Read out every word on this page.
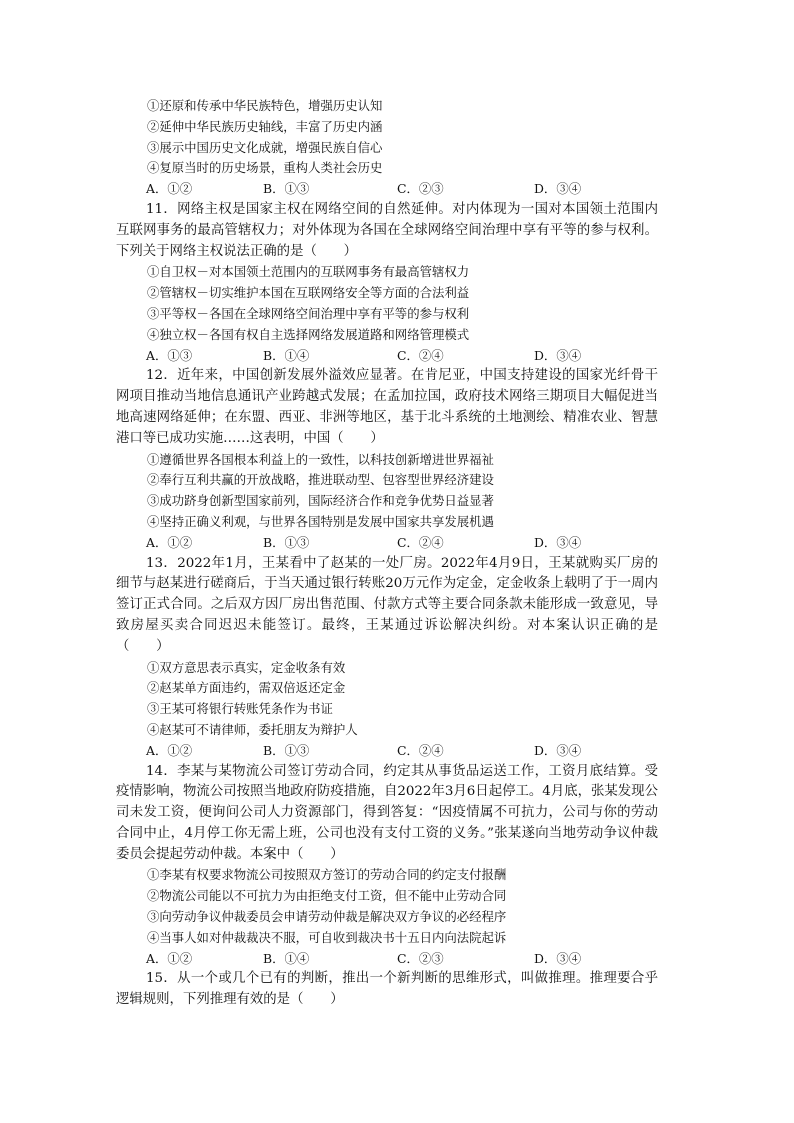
①还原和传承中华民族特色，增强历史认知
②延伸中华民族历史轴线，丰富了历史内涵
③展示中国历史文化成就，增强民族自信心
④复原当时的历史场景，重构人类社会历史
A．①②	B．①③	C．②③	D．③④
11．网络主权是国家主权在网络空间的自然延伸。对内体现为一国对本国领土范围内互联网事务的最高管辖权力；对外体现为各国在全球网络空间治理中享有平等的参与权利。下列关于网络主权说法正确的是（　　）
①自卫权－对本国领土范围内的互联网事务有最高管辖权力
②管辖权－切实维护本国在互联网络安全等方面的合法利益
③平等权－各国在全球网络空间治理中享有平等的参与权利
④独立权－各国有权自主选择网络发展道路和网络管理模式
A．①③	B．①④	C．②④	D．③④
12．近年来，中国创新发展外溢效应显著。在肯尼亚，中国支持建设的国家光纤骨干网项目推动当地信息通讯产业跨越式发展；在孟加拉国，政府技术网络三期项目大幅促进当地高速网络延伸；在东盟、西亚、非洲等地区，基于北斗系统的土地测绘、精准农业、智慧港口等已成功实施……这表明，中国（　　）
①遵循世界各国根本利益上的一致性，以科技创新增进世界福祉
②奉行互利共赢的开放战略，推进联动型、包容型世界经济建设
③成功跻身创新型国家前列，国际经济合作和竞争优势日益显著
④坚持正确义利观，与世界各国特别是发展中国家共享发展机遇
A．①②	B．①③	C．②④	D．③④
13．2022年1月，王某看中了赵某的一处厂房。2022年4月9日，王某就购买厂房的细节与赵某进行磋商后，于当天通过银行转账20万元作为定金，定金收条上载明了于一周内签订正式合同。之后双方因厂房出售范围、付款方式等主要合同条款未能形成一致意见，导致房屋买卖合同迟迟未能签订。最终，王某通过诉讼解决纠纷。对本案认识正确的是（　　）
①双方意思表示真实，定金收条有效
②赵某单方面违约，需双倍返还定金
③王某可将银行转账凭条作为书证
④赵某可不请律师，委托朋友为辩护人
A．①②	B．①③	C．②④	D．③④
14．李某与某物流公司签订劳动合同，约定其从事货品运送工作，工资月底结算。受疫情影响，物流公司按照当地政府防疫措施，自2022年3月6日起停工。4月底，张某发现公司未发工资，便询问公司人力资源部门，得到答复：“因疫情属不可抗力，公司与你的劳动合同中止，4月停工你无需上班，公司也没有支付工资的义务。”张某遂向当地劳动争议仲裁委员会提起劳动仲裁。本案中（　　）
①李某有权要求物流公司按照双方签订的劳动合同的约定支付报酬
②物流公司能以不可抗力为由拒绝支付工资，但不能中止劳动合同
③向劳动争议仲裁委员会申请劳动仲裁是解决双方争议的必经程序
④当事人如对仲裁裁决不服，可自收到裁决书十五日内向法院起诉
A．①②	B．①④	C．②③	D．③④
15．从一个或几个已有的判断，推出一个新判断的思维形式，叫做推理。推理要合乎逻辑规则，下列推理有效的是（　　）
